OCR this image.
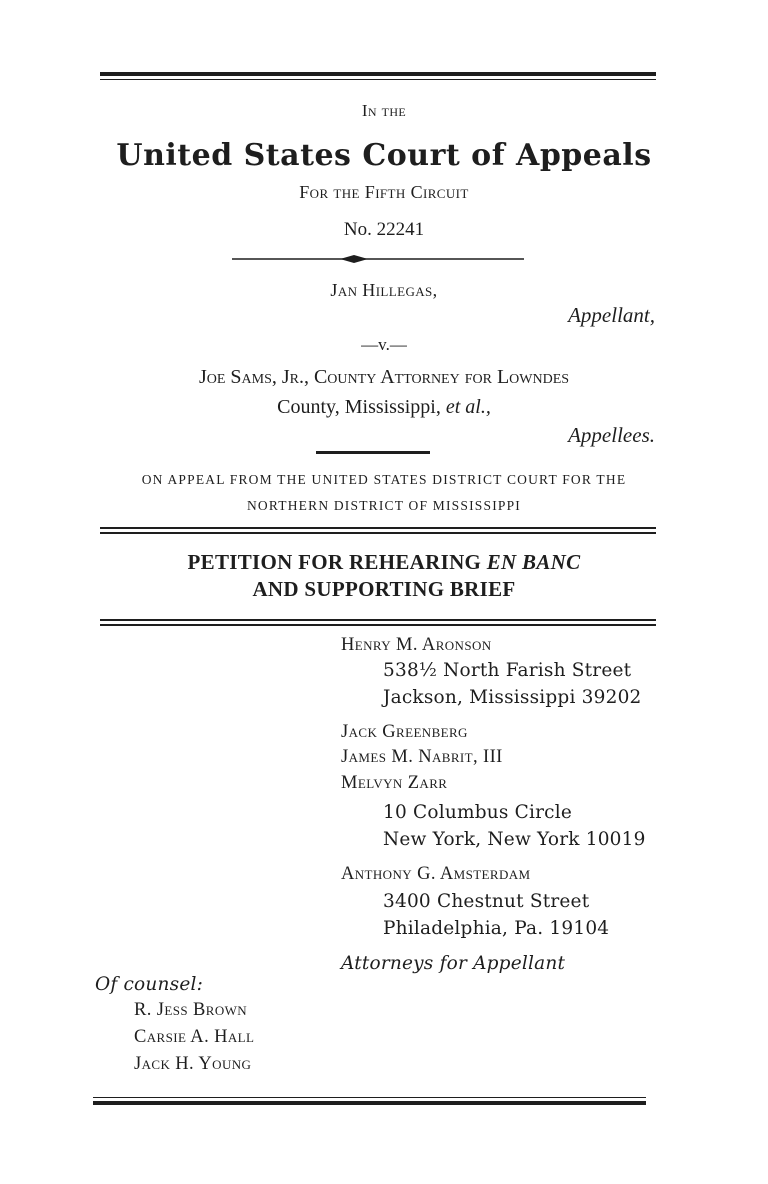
In the
United States Court of Appeals
For the Fifth Circuit
No. 22241
Jan Hillegas,
Appellant,
—v.—
Joe Sams, Jr., County Attorney for Lowndes
County, Mississippi, et al.,
Appellees.
ON APPEAL FROM THE UNITED STATES DISTRICT COURT FOR THE
NORTHERN DISTRICT OF MISSISSIPPI
PETITION FOR REHEARING EN BANC
AND SUPPORTING BRIEF
Henry M. Aronson
538½ North Farish Street
Jackson, Mississippi 39202
Jack Greenberg
James M. Nabrit, III
Melvyn Zarr
10 Columbus Circle
New York, New York 10019
Anthony G. Amsterdam
3400 Chestnut Street
Philadelphia, Pa. 19104
Attorneys for Appellant
Of counsel:
R. Jess Brown
Carsie A. Hall
Jack H. Young
